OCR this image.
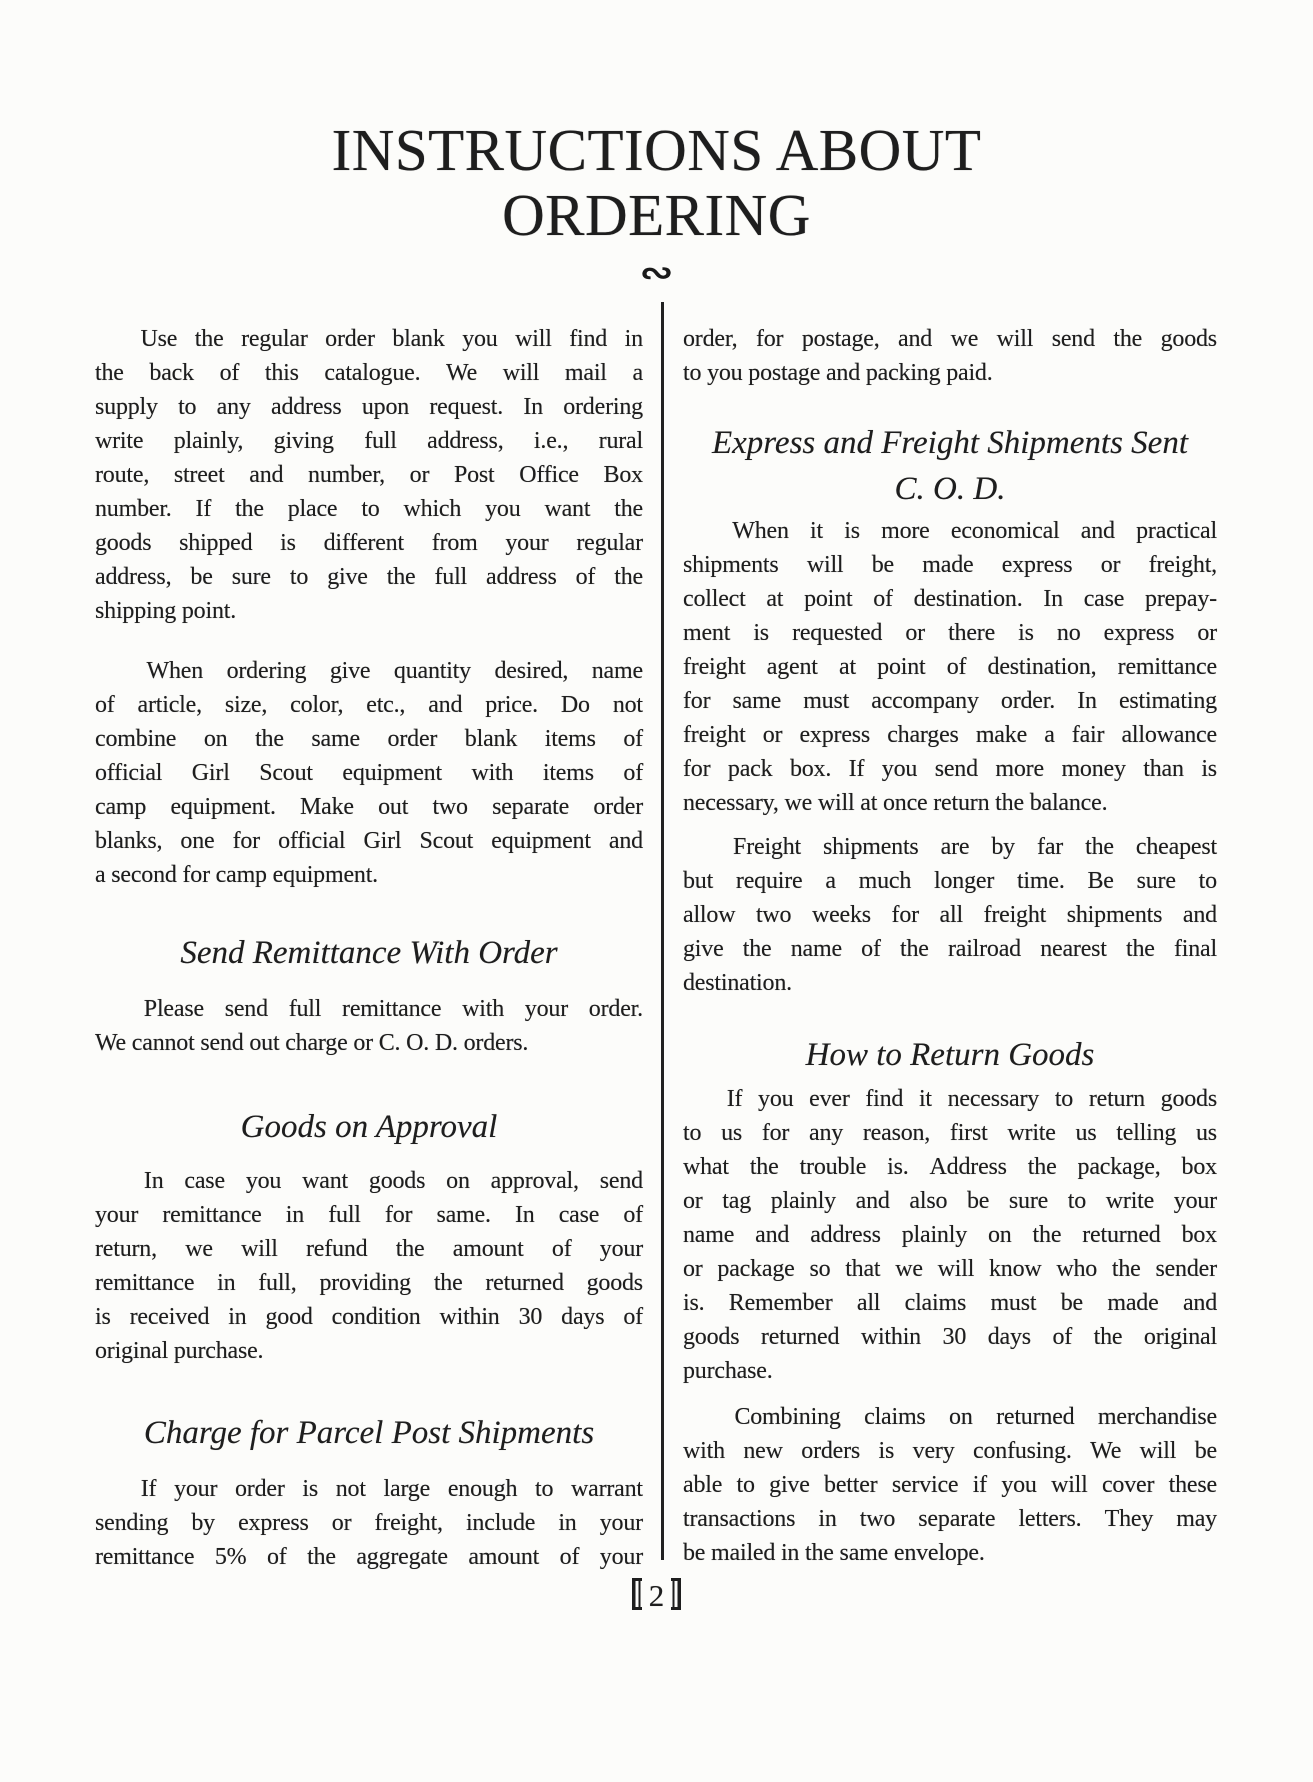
INSTRUCTIONS ABOUT
ORDERING
∾
Use the regular order blank you will find in
the back of this catalogue. We will mail a
supply to any address upon request. In ordering
write plainly, giving full address, i.e., rural
route, street and number, or Post Office Box
number. If the place to which you want the
goods shipped is different from your regular
address, be sure to give the full address of the
shipping point.
When ordering give quantity desired, name
of article, size, color, etc., and price. Do not
combine on the same order blank items of
official Girl Scout equipment with items of
camp equipment. Make out two separate order
blanks, one for official Girl Scout equipment and
a second for camp equipment.
Send Remittance With Order
Please send full remittance with your order.
We cannot send out charge or C. O. D. orders.
Goods on Approval
In case you want goods on approval, send
your remittance in full for same. In case of
return, we will refund the amount of your
remittance in full, providing the returned goods
is received in good condition within 30 days of
original purchase.
Charge for Parcel Post Shipments
If your order is not large enough to warrant
sending by express or freight, include in your
remittance 5% of the aggregate amount of your
order, for postage, and we will send the goods
to you postage and packing paid.
Express and Freight Shipments Sent
C. O. D.
When it is more economical and practical
shipments will be made express or freight,
collect at point of destination. In case prepay-
ment is requested or there is no express or
freight agent at point of destination, remittance
for same must accompany order. In estimating
freight or express charges make a fair allowance
for pack box. If you send more money than is
necessary, we will at once return the balance.
Freight shipments are by far the cheapest
but require a much longer time. Be sure to
allow two weeks for all freight shipments and
give the name of the railroad nearest the final
destination.
How to Return Goods
If you ever find it necessary to return goods
to us for any reason, first write us telling us
what the trouble is. Address the package, box
or tag plainly and also be sure to write your
name and address plainly on the returned box
or package so that we will know who the sender
is. Remember all claims must be made and
goods returned within 30 days of the original
purchase.
Combining claims on returned merchandise
with new orders is very confusing. We will be
able to give better service if you will cover these
transactions in two separate letters. They may
be mailed in the same envelope.
2
